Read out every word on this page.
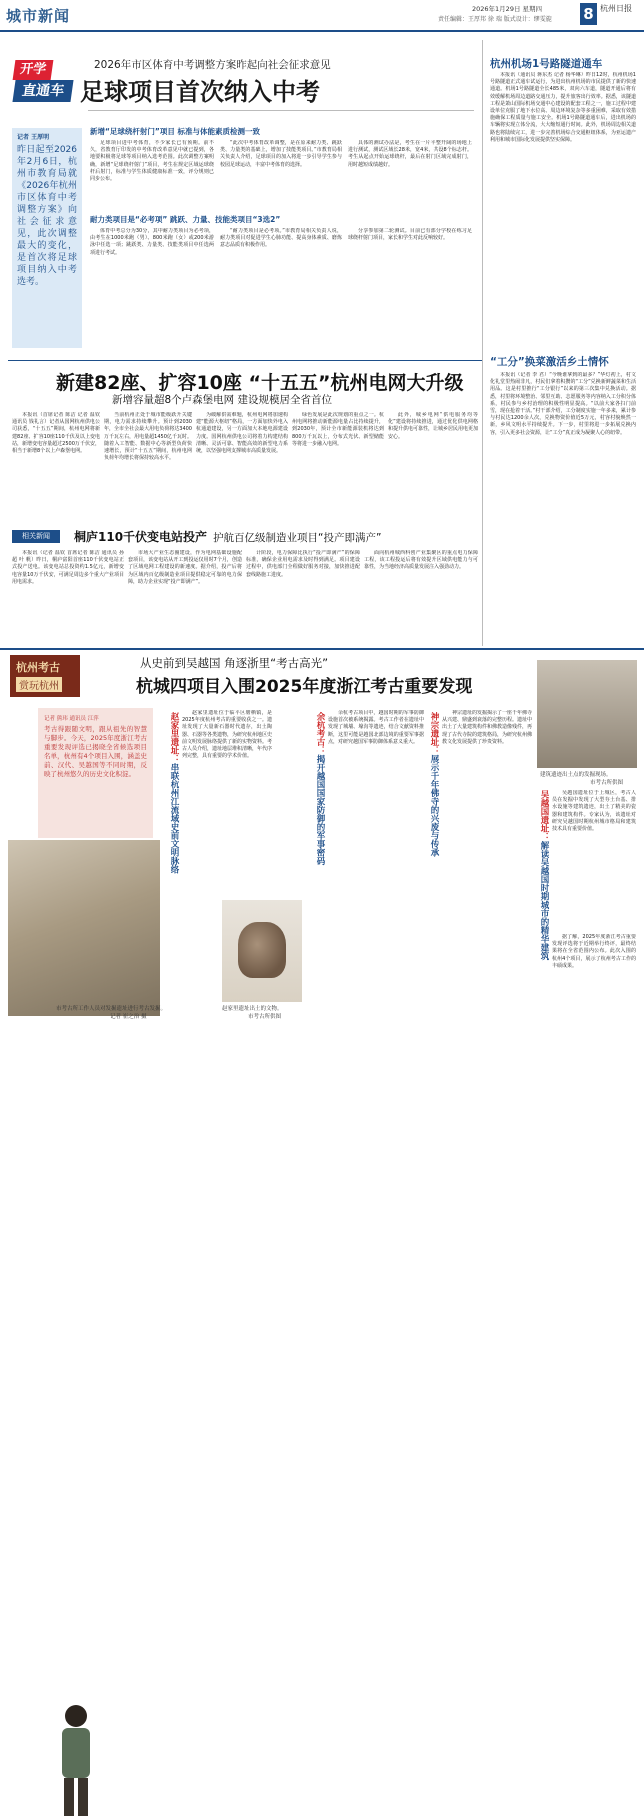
城市新闻	2026年1月29日 星期四
责任编辑：王厚邦 徐 瑞 版式设计：缪雯旎 8 杭州日报
开学
直通车
2026年市区体育中考调整方案昨起向社会征求意见
足球项目首次纳入中考
记者 王厚明
昨日起至2026年2月6日，杭州市教育局就《2026年杭州市区体育中考调整方案》向社会征求意见，此次调整最大的变化，是首次将足球项目纳入中考选考。
新增“足球绕杆射门”项目 标准与体能素质检测一致

足球项目进中考体育，不少家长已有预期。前不久，省教育厅印发的中考体育改革意见中就已提到，各地要积极将足球等项目纳入选考范围。此次调整方案明确，新增“足球绕杆射门”项目，考生在规定区域运球绕杆后射门，标准与学生体质健康标准一致，评分规则已同步公布。

“此次中考体育改革调整，是在原来耐力类、跳跃类、力量类的基础上，增加了技能类项目。”市教育局相关负责人介绍，足球项目的加入将进一步引导学生参与校园足球运动，丰富中考体育的选择。

具体的测试办法是，考生在一片平整开阔的场地上进行测试，测试区域长28米，宽4米，共设8个标志杆。考生从起点开始运球绕杆，最后在射门区域完成射门，用时越短成绩越好。

耐力类项目是“必考项” 跳跃、力量、技能类项目“3选2”

体育中考总分为30分，其中耐力类项目为必考项，由考生在1000米跑（男）、800米跑（女）或200米游泳中任选一项；跳跃类、力量类、技能类项目中任选两项进行考试。

“耐力类项目是必考项。”市教育局相关负责人说，耐力类项目对促进学生心肺功能、提高身体素质、磨炼意志品质有积极作用。

分享参加第二轮测试。目前已有部分学校在练习足球绕杆射门项目，家长和学生对此反响较好。

杭州机场1号路隧道通车

本报讯（通讯员 蒋东杰 记者 杨华琳）昨日12时，杭州机场1号路隧道正式通车试运行，为进出杭州机场的市民提供了新的快速通道。机场1号路隧道全长485米，双向六车道，隧道开通后将有效缓解机场周边道路交通压力，提升旅客出行效率。据悉，该隧道工程是萧山国际机场交通中心建设的配套工程之一，施工过程中建设单位克服了地下水位高、周边环境复杂等多重困难，采取有效措施确保工程质量与施工安全。机场1号路隧道通车后，进出机场的车辆将实现立体分流，大大缩短通行时间。此外，机场周边相关道路也将陆续完工，进一步完善机场综合交通枢纽体系，为亚运遗产利用和城市国际化发展提供坚实保障。

新建82座、扩容10座 “十五五”杭州电网大升级
新增容量超8个卢森堡电网 建设规模居全省首位

本报讯（首席记者 陈洁 记者 温钦 通讯员 钱礼言）记者从国网杭州供电公司获悉，“十五五”期间，杭州电网将新建82座、扩容10座110千伏及以上变电站，新增变电容量超过2500万千伏安，相当于新增8个以上卢森堡电网。

当前杭州正处于城市能级跃升关键期，电力需求持续攀升。预计到2030年，全市全社会最大用电负荷将达3400万千瓦左右，用电量超1450亿千瓦时。随着入工智能、数据中心等新型负荷快速增长，预计“十五五”期间，杭州电网负荷年均增长将保持较高水平。

为破解供需难题，杭州电网将加速构建“能源大枢纽”格局，一方面加快外电入杭通道建设，另一方面加大本地电源建设力度。国网杭州供电公司将着力构建结构清晰、灵活可靠、智能高效的新型电力系统，以坚强电网支撑城市高质量发展。

绿色发展是此次规划的重点之一。杭州电网将推动新能源电量占比持续提升，到2030年，预计全市新能源装机将达到800万千瓦以上，分布式光伏、新型储能等将进一步融入电网。

此外，城乡电网“供电服务均等化”建设将持续推进，通过优化供电网格和提升供电可靠性，让城乡居民用电更加安心。

相关新闻	桐庐110千伏变电站投产 护航百亿级制造业项目“投产即满产”

本报讯（记者 温钦 首席记者 陈洁 通讯员 孙 超 叶 帆）昨日，桐庐富阳首座110千伏变电站正式投产送电。该变电站总投资约1.5亿元，新增变电容量10万千伏安，可满足周边多个重大产业项目用电需求。

市场大产业生态圈建设，作为电网基础设施配套项目，该变电站从开工到投运仅用时7个月，创造了区域电网工程建设的新速度。据介绍，投产后将为区域内百亿级制造业项目提供稳定可靠的电力保障，助力企业实现“投产即满产”。

计阶段，电力保障比执行“投产即满产”的保障标准，确保企业用电需求及时得到满足。项目建设过程中，供电部门全程做好服务对接，加快推进配套线路施工进度。

面向杭州城西科创产业集聚区的重点电力保障工程，该工程投运后将有效提升区域供电能力与可靠性，为当地经济高质量发展注入强劲动力。

“工分”换菜激活乡土情怀

本报讯（记者 李 君）“今晚谁拿到的最多？”华灯初上，村文化礼堂里热闹非凡，村民们拿着积攒的“工分”兑换新鲜蔬菜和生活用品。这是村里推行“工分银行”以来的第三次集中兑换活动。据悉，村里将环境整治、邻里互助、志愿服务等内容纳入工分积分体系，村民参与乡村治理的积极性明显提高。“以前大家各扫门前雪，现在抢着干活。”村干部介绍，工分制度实施一年多来，累计参与村民达1200余人次，兑换物资价值近5万元，村容村貌焕然一新，乡风文明水平持续提升。下一步，村里将进一步拓展兑换内容，引入更多社会资源，让“工分”真正成为凝聚人心的纽带。

杭州考古
赏玩杭州
从史前到吴越国 角逐浙里“考古高光”
杭城四项目入围2025年度浙江考古重要发现
记者 熊玮 通讯员 江萍
考古得跟随文明，跟从祖先的智慧与脚步。今天，2025年度浙江考古重要发现评选已揭晓全省候选项目名单，杭州有4个项目入围，涵盖史前、汉代、吴越国等不同时期，反映了杭州悠久的历史文化积淀。
市考古所工作人员对发掘遗址进行考古发掘。
记者 崔之治 摄
赵家里遗址：串联杭州江流域史前文明脉络

赵家里遗址位于临平区塘栖镇，是2025年度杭州考古的重要收获之一。遗址发现了大量新石器时代遗存，出土陶器、石器等各类遗物，为研究杭州地区史前文明发展脉络提供了新的实物资料。考古人员介绍，遗址地层堆积清晰，年代序列完整，具有重要的学术价值。

赵家里遗址出土的文物。
市考古所供图
余杭考古：揭开越国国家防御的军事密码

余杭考古项目中，越国时期的军事防御设施首次被系统揭露。考古工作者在遗址中发现了城墙、壕沟等遗迹，结合文献资料推断，这里可能是越国北部边境的重要军事据点，对研究越国军事防御体系意义重大。	神宗遗址：展示千年佛寺的兴废与传承

神宗遗址的发掘揭示了一座千年佛寺从兴建、鼎盛到衰落的完整历程。遗址中出土了大量建筑构件和佛教造像残件，再现了古代寺院的建筑格局，为研究杭州佛教文化发展提供了珍贵资料。

建筑遗迹出土点的发掘现场。
市考古所供图
吴越国遗址：解读吴越国时期城市的精华建筑

吴越国遗址位于上城区，考古人员在发掘中发现了大型夯土台基、排水设施等建筑遗迹，出土了精美的瓷器和建筑构件。专家认为，该遗址对研究吴越国时期杭州城市格局和建筑技术具有重要价值。

据了解，2025年度浙江考古重要发现评选将于近期举行终评，最终结果将在全省范围内公布。此次入围的杭州4个项目，展示了杭州考古工作的丰硕成果。
